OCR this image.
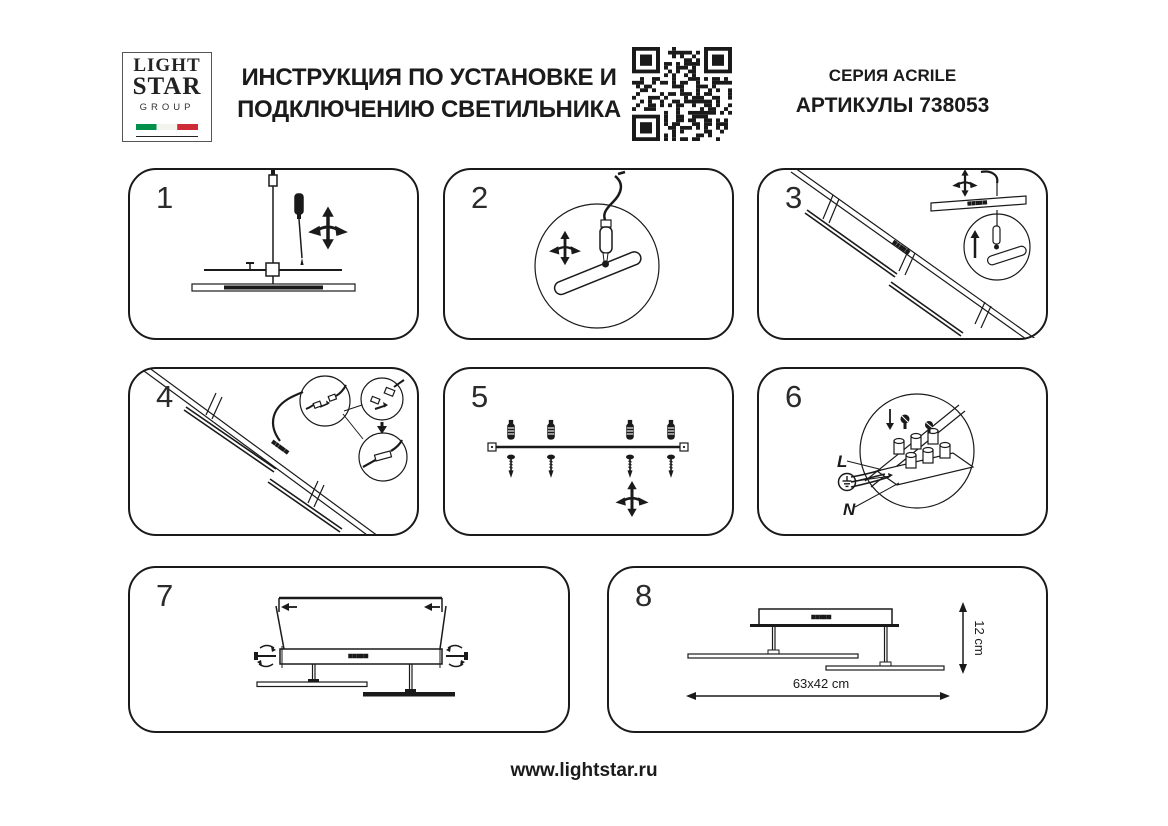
LIGHT
STAR
GROUP
ИНСТРУКЦИЯ ПО УСТАНОВКЕ И
ПОДКЛЮЧЕНИЮ СВЕТИЛЬНИКА
СЕРИЯ ACRILE
АРТИКУЛЫ 738053
1	2	3
4	5	6
L
N
7	8
12 cm
63x42 cm
www.lightstar.ru
